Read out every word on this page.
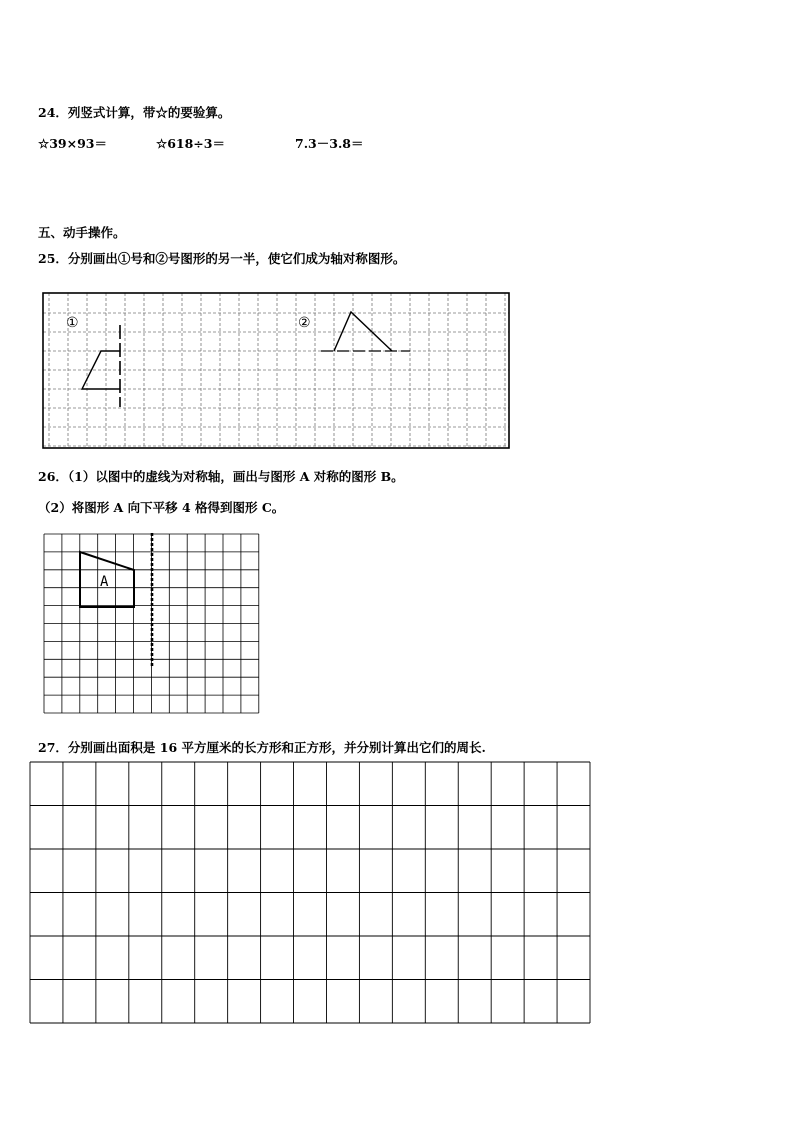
24．列竖式计算，带☆的要验算。
☆39×93＝	☆618÷3＝	7.3－3.8＝
五、动手操作。
25．分别画出①号和②号图形的另一半，使它们成为轴对称图形。
①	②
26．（1）以图中的虚线为对称轴，画出与图形 A 对称的图形 B。
（2）将图形 A 向下平移 4 格得到图形 C。
A
27．分别画出面积是 16 平方厘米的长方形和正方形，并分别计算出它们的周长.
